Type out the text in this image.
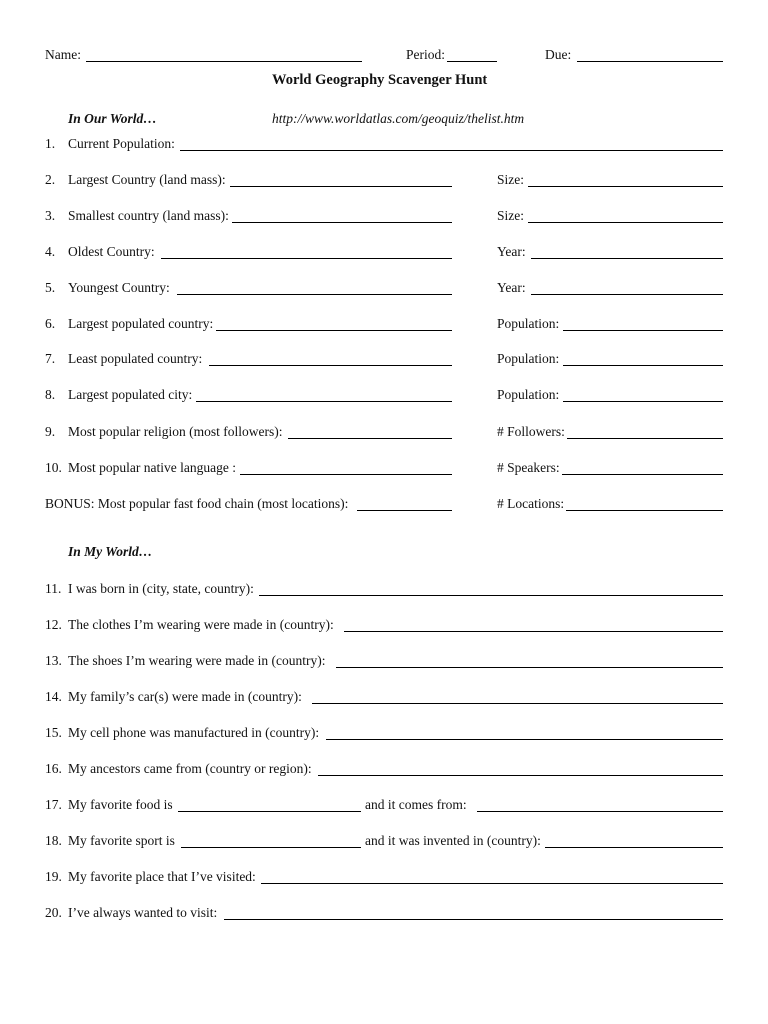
Name:	Period:	Due:
World Geography Scavenger Hunt
In Our World…	http://www.worldatlas.com/geoquiz/thelist.htm
1. Current Population:
2. Largest Country (land mass):	Size:
3. Smallest country (land mass):	Size:
4. Oldest Country:	Year:
5. Youngest Country:	Year:
6. Largest populated country:	Population:
7. Least populated country:	Population:
8. Largest populated city:	Population:
9. Most popular religion (most followers):	# Followers:
10. Most popular native language :	# Speakers:
BONUS: Most popular fast food chain (most locations):	# Locations:
In My World…
11. I was born in (city, state, country):
12. The clothes I’m wearing were made in (country):
13. The shoes I’m wearing were made in (country):
14. My family’s car(s) were made in (country):
15. My cell phone was manufactured in (country):
16. My ancestors came from (country or region):
17. My favorite food is	and it comes from:
18. My favorite sport is	and it was invented in (country):
19. My favorite place that I’ve visited:
20. I’ve always wanted to visit:
